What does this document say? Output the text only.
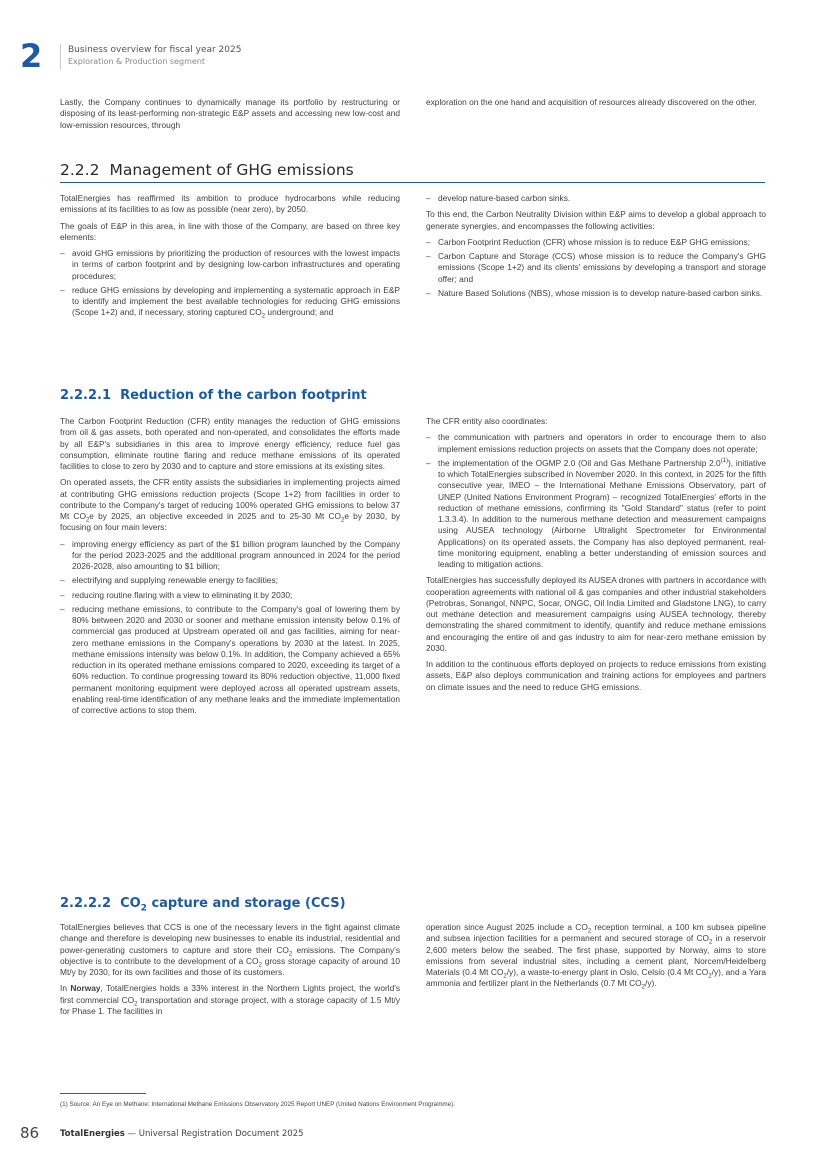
2	Business overview for fiscal year 2025
Exploration & Production segment

Lastly, the Company continues to dynamically manage its portfolio by restructuring or disposing of its least-performing non-strategic E&P assets and accessing new low-cost and low-emission resources, through

exploration on the one hand and acquisition of resources already discovered on the other.

2.2.2 Management of GHG emissions

TotalEnergies has reaffirmed its ambition to produce hydrocarbons while reducing emissions at its facilities to as low as possible (near zero), by 2050.

The goals of E&P in this area, in line with those of the Company, are based on three key elements:

– avoid GHG emissions by prioritizing the production of resources with the lowest impacts in terms of carbon footprint and by designing low-carbon infrastructures and operating procedures;
– reduce GHG emissions by developing and implementing a systematic approach in E&P to identify and implement the best available technologies for reducing GHG emissions (Scope 1+2) and, if necessary, storing captured $CO_2$ underground; and
– develop nature-based carbon sinks.

To this end, the Carbon Neutrality Division within E&P aims to develop a global approach to generate synergies, and encompasses the following activities:

– Carbon Footprint Reduction (CFR) whose mission is to reduce E&P GHG emissions;
– Carbon Capture and Storage (CCS) whose mission is to reduce the Company's GHG emissions (Scope 1+2) and its clients' emissions by developing a transport and storage offer; and
– Nature Based Solutions (NBS), whose mission is to develop nature-based carbon sinks.
2.2.2.1 Reduction of the carbon footprint

The Carbon Footprint Reduction (CFR) entity manages the reduction of GHG emissions from oil & gas assets, both operated and non-operated, and consolidates the efforts made by all E&P's subsidiaries in this area to improve energy efficiency, reduce fuel gas consumption, eliminate routine flaring and reduce methane emissions of its operated facilities to close to zero by 2030 and to capture and store emissions at its existing sites.

On operated assets, the CFR entity assists the subsidiaries in implementing projects aimed at contributing GHG emissions reduction projects (Scope 1+2) from facilities in order to contribute to the Company's target of reducing 100% operated GHG emissions to below 37 Mt $CO_2e$ by 2025, an objective exceeded in 2025 and to 25-30 Mt $CO_2e$ by 2030, by focusing on four main levers:

– improving energy efficiency as part of the $1 billion program launched by the Company for the period 2023-2025 and the additional program announced in 2024 for the period 2026-2028, also amounting to $1 billion;
– electrifying and supplying renewable energy to facilities;
– reducing routine flaring with a view to eliminating it by 2030;
– reducing methane emissions, to contribute to the Company's goal of lowering them by 80% between 2020 and 2030 or sooner and methane emission intensity below 0.1% of commercial gas produced at Upstream operated oil and gas facilities, aiming for near-zero methane emissions in the Company's operations by 2030 at the latest. In 2025, methane emissions intensity was below 0.1%. In addition, the Company achieved a 65% reduction in its operated methane emissions compared to 2020, exceeding its target of a 60% reduction. To continue progressing toward its 80% reduction objective, 11,000 fixed permanent monitoring equipment were deployed across all operated upstream assets, enabling real-time identification of any methane leaks and the immediate implementation of corrective actions to stop them.

The CFR entity also coordinates:

– the communication with partners and operators in order to encourage them to also implement emissions reduction projects on assets that the Company does not operate;
– the implementation of the OGMP 2.0 (Oil and Gas Methane Partnership 2.0$^{(1)}$), initiative to which TotalEnergies subscribed in November 2020. In this context, in 2025 for the fifth consecutive year, IMEO – the International Methane Emissions Observatory, part of UNEP (United Nations Environment Program) – recognized TotalEnergies' efforts in the reduction of methane emissions, confirming its "Gold Standard" status (refer to point 1.3.3.4). In addition to the numerous methane detection and measurement campaigns using AUSEA technology (Airborne Ultralight Spectrometer for Environmental Applications) on its operated assets, the Company has also deployed permanent, real-time monitoring equipment, enabling a better understanding of emission sources and leading to mitigation actions.

TotalEnergies has successfully deployed its AUSEA drones with partners in accordance with cooperation agreements with national oil & gas companies and other industrial stakeholders (Petrobras, Sonangol, NNPC, Socar, ONGC, Oil India Limited and Gladstone LNG), to carry out methane detection and measurement campaigns using AUSEA technology, thereby demonstrating the shared commitment to identify, quantify and reduce methane emissions and encouraging the entire oil and gas industry to aim for near-zero methane emission by 2030.

In addition to the continuous efforts deployed on projects to reduce emissions from existing assets, E&P also deploys communication and training actions for employees and partners on climate issues and the need to reduce GHG emissions.

2.2.2.2 $CO_2$ capture and storage (CCS)

TotalEnergies believes that CCS is one of the necessary levers in the fight against climate change and therefore is developing new businesses to enable its industrial, residential and power-generating customers to capture and store their $CO_2$ emissions. The Company's objective is to contribute to the development of a $CO_2$ gross storage capacity of around 10 Mt/y by 2030, for its own facilities and those of its customers.

In Norway, TotalEnergies holds a 33% interest in the Northern Lights project, the world's first commercial $CO_2$ transportation and storage project, with a storage capacity of 1.5 Mt/y for Phase 1. The facilities in

operation since August 2025 include a $CO_2$ reception terminal, a 100 km subsea pipeline and subsea injection facilities for a permanent and secured storage of $CO_2$ in a reservoir 2,600 meters below the seabed. The first phase, supported by Norway, aims to store emissions from several industrial sites, including a cement plant, Norcem/Heidelberg Materials (0.4 Mt $CO_2/y$), a waste-to-energy plant in Oslo, Celsio (0.4 Mt $CO_2/y$), and a Yara ammonia and fertilizer plant in the Netherlands (0.7 Mt $CO_2/y$).

(1) Source: An Eye on Methane: International Methane Emissions Observatory 2025 Report UNEP (United Nations Environment Programme).
86 TotalEnergies — Universal Registration Document 2025
